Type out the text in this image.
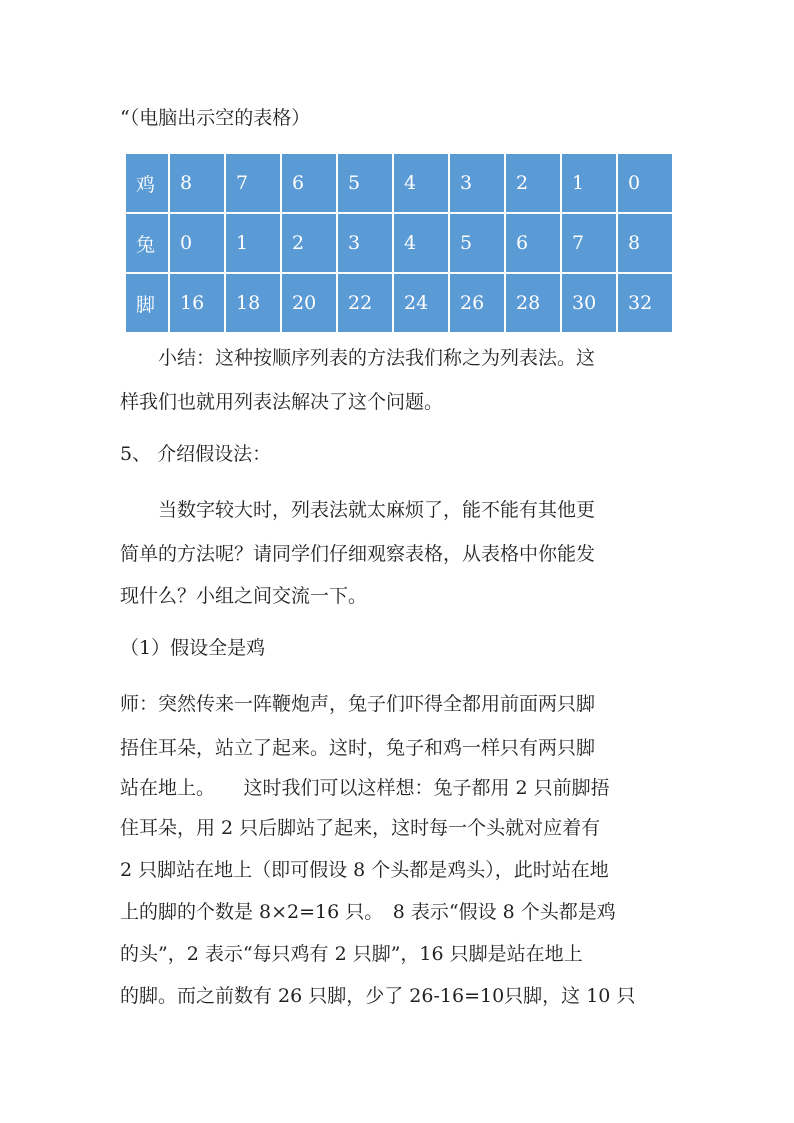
“（电脑出示空的表格）

鸡	8	7	6	5	4	3	2	1	0
兔	0	1	2	3	4	5	6	7	8
脚	16	18	20	22	24	26	28	30	32

　　小结：这种按顺序列表的方法我们称之为列表法。这

样我们也就用列表法解决了这个问题。

5、 介绍假设法：

　　当数字较大时，列表法就太麻烦了，能不能有其他更

简单的方法呢？请同学们仔细观察表格，从表格中你能发

现什么？小组之间交流一下。

（1）假设全是鸡

师：突然传来一阵鞭炮声，兔子们吓得全都用前面两只脚

捂住耳朵，站立了起来。这时，兔子和鸡一样只有两只脚

站在地上。　　这时我们可以这样想：兔子都用 2 只前脚捂

住耳朵，用 2 只后脚站了起来，这时每一个头就对应着有

2 只脚站在地上（即可假设 8 个头都是鸡头），此时站在地

上的脚的个数是 8×2=16 只。　8 表示“假设 8 个头都是鸡

的头”，2 表示“每只鸡有 2 只脚”，16 只脚是站在地上

的脚。而之前数有 26 只脚，少了 26-16=10只脚，这 10 只
